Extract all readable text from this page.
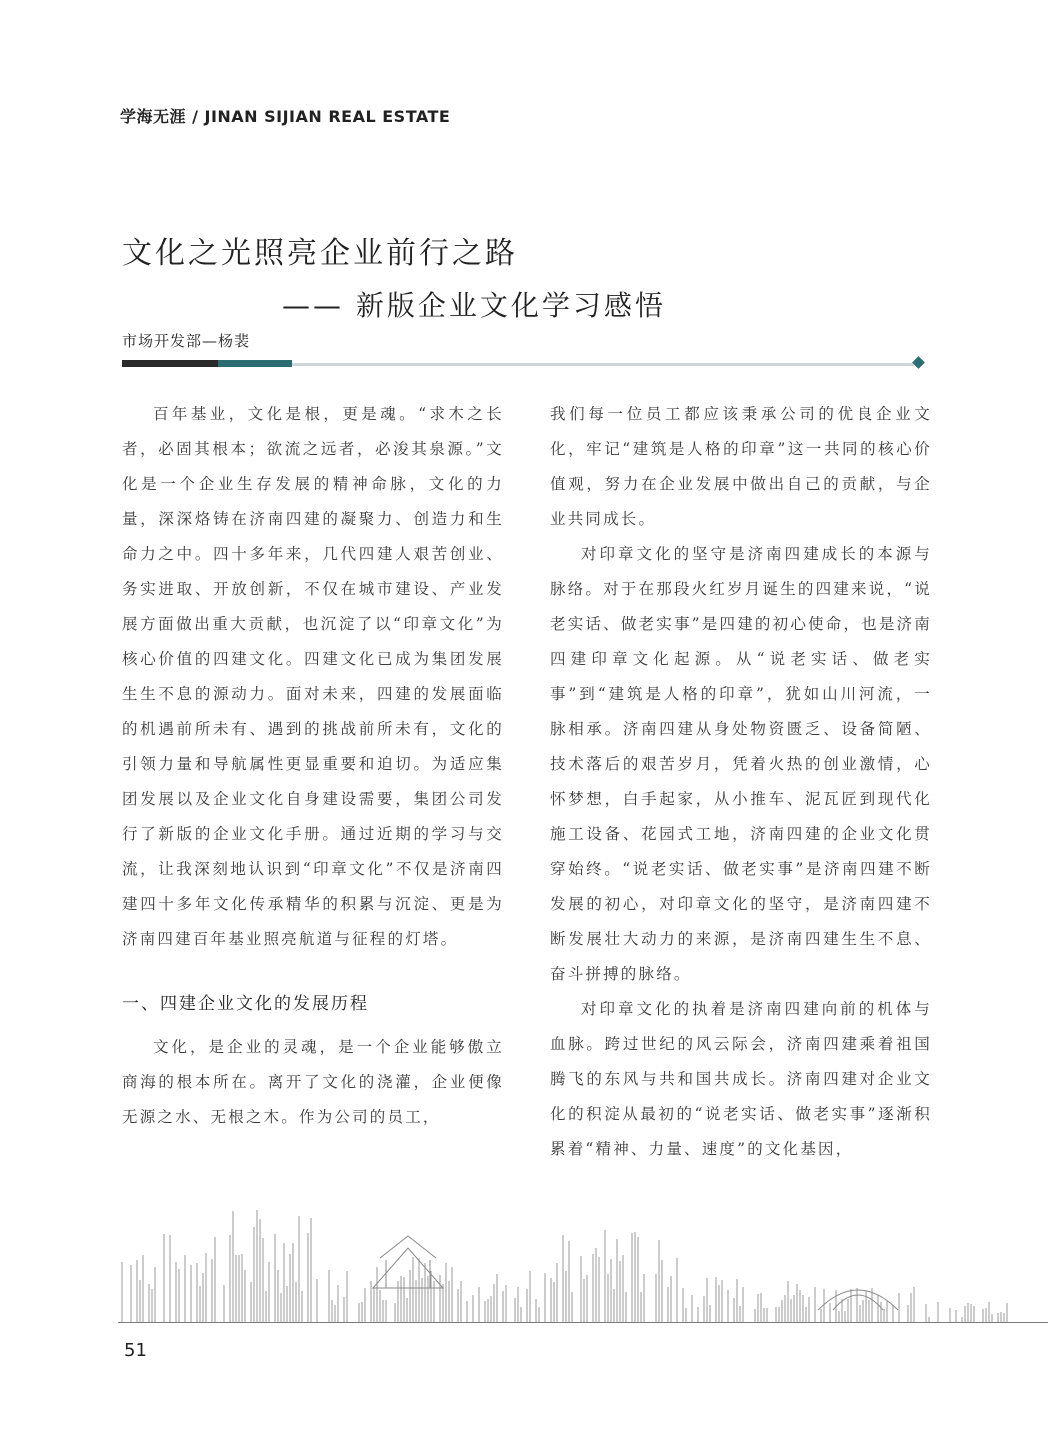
学海无涯 / JINAN SIJIAN REAL ESTATE
文化之光照亮企业前行之路
—— 新版企业文化学习感悟
市场开发部—杨裴

百年基业，文化是根，更是魂。“求木之长者，必固其根本；欲流之远者，必浚其泉源。”文化是一个企业生存发展的精神命脉，文化的力量，深深烙铸在济南四建的凝聚力、创造力和生命力之中。四十多年来，几代四建人艰苦创业、务实进取、开放创新，不仅在城市建设、产业发展方面做出重大贡献，也沉淀了以“印章文化”为核心价值的四建文化。四建文化已成为集团发展生生不息的源动力。面对未来，四建的发展面临的机遇前所未有、遇到的挑战前所未有，文化的引领力量和导航属性更显重要和迫切。为适应集团发展以及企业文化自身建设需要，集团公司发行了新版的企业文化手册。通过近期的学习与交流，让我深刻地认识到“印章文化”不仅是济南四建四十多年文化传承精华的积累与沉淀、更是为济南四建百年基业照亮航道与征程的灯塔。

一、四建企业文化的发展历程

文化，是企业的灵魂，是一个企业能够傲立商海的根本所在。离开了文化的浇灌，企业便像无源之水、无根之木。作为公司的员工，

我们每一位员工都应该秉承公司的优良企业文化，牢记“建筑是人格的印章”这一共同的核心价值观，努力在企业发展中做出自己的贡献，与企业共同成长。

对印章文化的坚守是济南四建成长的本源与脉络。对于在那段火红岁月诞生的四建来说，“说老实话、做老实事”是四建的初心使命，也是济南四建印章文化起源。从“说老实话、做老实事”到“建筑是人格的印章”，犹如山川河流，一脉相承。济南四建从身处物资匮乏、设备简陋、技术落后的艰苦岁月，凭着火热的创业激情，心怀梦想，白手起家，从小推车、泥瓦匠到现代化施工设备、花园式工地，济南四建的企业文化贯穿始终。“说老实话、做老实事”是济南四建不断发展的初心，对印章文化的坚守，是济南四建不断发展壮大动力的来源，是济南四建生生不息、奋斗拼搏的脉络。

对印章文化的执着是济南四建向前的机体与血脉。跨过世纪的风云际会，济南四建乘着祖国腾飞的东风与共和国共成长。济南四建对企业文化的积淀从最初的“说老实话、做老实事”逐渐积累着“精神、力量、速度”的文化基因，

51
